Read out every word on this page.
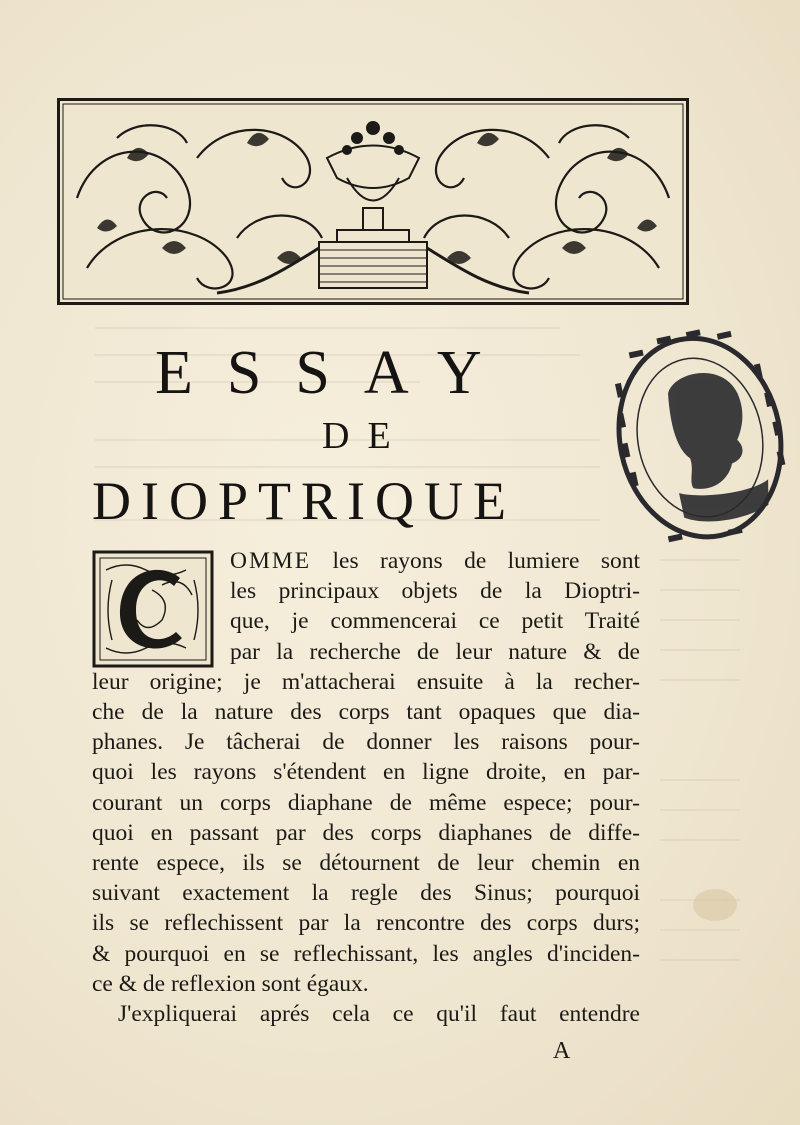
ESSAY
DE
DIOPTRIQUE
OMME les rayons de lumiere sont
les principaux objets de la Dioptri-
que, je commencerai ce petit Traité
par la recherche de leur nature & de
leur origine; je m'attacherai ensuite à la recher-
che de la nature des corps tant opaques que dia-
phanes. Je tâcherai de donner les raisons pour-
quoi les rayons s'étendent en ligne droite, en par-
courant un corps diaphane de même espece; pour-
quoi en passant par des corps diaphanes de diffe-
rente espece, ils se détournent de leur chemin en
suivant exactement la regle des Sinus; pourquoi
ils se reflechissent par la rencontre des corps durs;
& pourquoi en se reflechissant, les angles d'inciden-
ce & de reflexion sont égaux.
J'expliquerai aprés cela ce qu'il faut entendre
A
